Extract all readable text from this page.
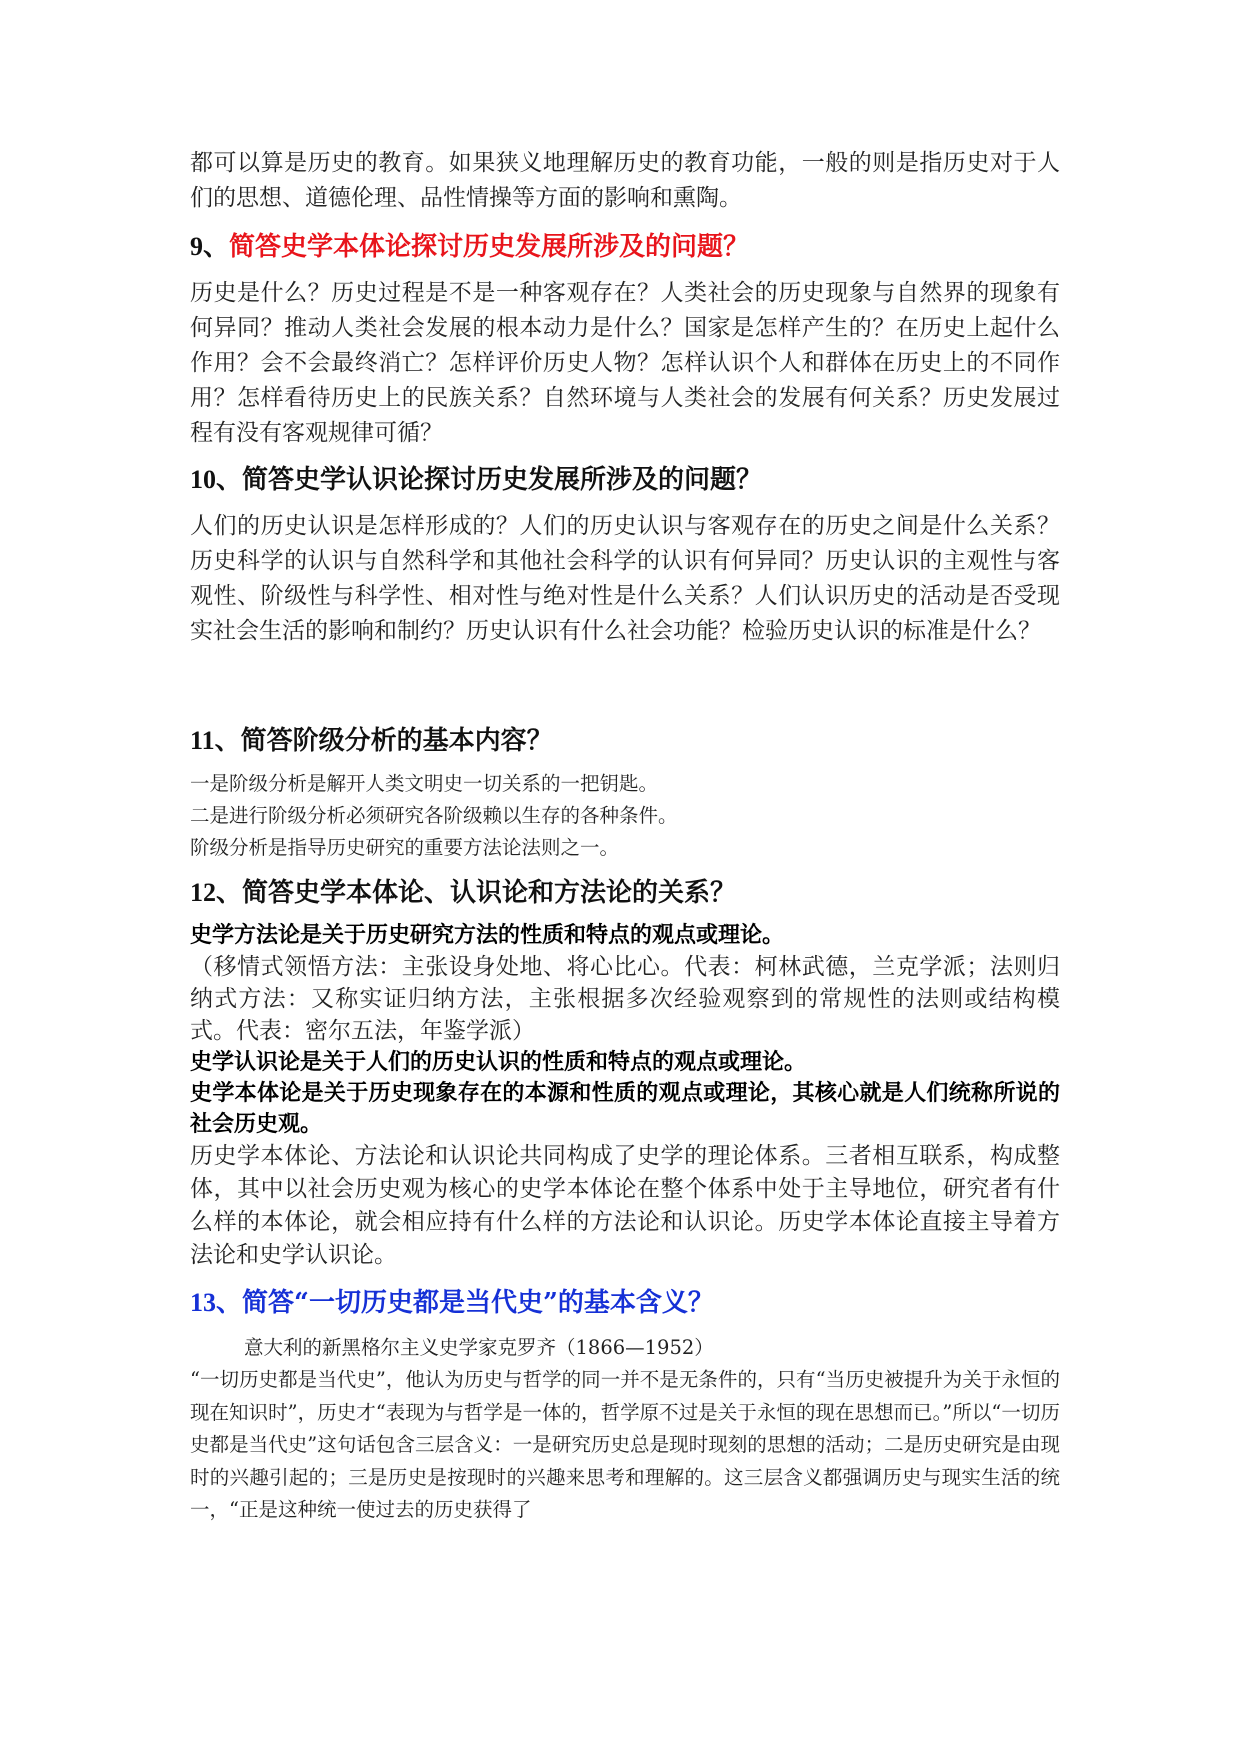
都可以算是历史的教育。如果狭义地理解历史的教育功能，一般的则是指历史对于人们的思想、道德伦理、品性情操等方面的影响和熏陶。

9、简答史学本体论探讨历史发展所涉及的问题？

历史是什么？历史过程是不是一种客观存在？人类社会的历史现象与自然界的现象有何异同？推动人类社会发展的根本动力是什么？国家是怎样产生的？在历史上起什么作用？会不会最终消亡？怎样评价历史人物？怎样认识个人和群体在历史上的不同作用？怎样看待历史上的民族关系？自然环境与人类社会的发展有何关系？历史发展过程有没有客观规律可循？

10、简答史学认识论探讨历史发展所涉及的问题？

人们的历史认识是怎样形成的？人们的历史认识与客观存在的历史之间是什么关系？历史科学的认识与自然科学和其他社会科学的认识有何异同？历史认识的主观性与客观性、阶级性与科学性、相对性与绝对性是什么关系？人们认识历史的活动是否受现实社会生活的影响和制约？历史认识有什么社会功能？检验历史认识的标准是什么？

11、简答阶级分析的基本内容？

一是阶级分析是解开人类文明史一切关系的一把钥匙。

二是进行阶级分析必须研究各阶级赖以生存的各种条件。

阶级分析是指导历史研究的重要方法论法则之一。

12、简答史学本体论、认识论和方法论的关系？

史学方法论是关于历史研究方法的性质和特点的观点或理论。

（移情式领悟方法：主张设身处地、将心比心。代表：柯林武德，兰克学派；法则归纳式方法：又称实证归纳方法，主张根据多次经验观察到的常规性的法则或结构模式。代表：密尔五法，年鉴学派）

史学认识论是关于人们的历史认识的性质和特点的观点或理论。

史学本体论是关于历史现象存在的本源和性质的观点或理论，其核心就是人们统称所说的社会历史观。

历史学本体论、方法论和认识论共同构成了史学的理论体系。三者相互联系，构成整体，其中以社会历史观为核心的史学本体论在整个体系中处于主导地位，研究者有什么样的本体论，就会相应持有什么样的方法论和认识论。历史学本体论直接主导着方法论和史学认识论。

13、简答“一切历史都是当代史”的基本含义？

意大利的新黑格尔主义史学家克罗齐（1866—1952）

“一切历史都是当代史”，他认为历史与哲学的同一并不是无条件的，只有“当历史被提升为关于永恒的现在知识时”，历史才“表现为与哲学是一体的，哲学原不过是关于永恒的现在思想而已。”所以“一切历史都是当代史”这句话包含三层含义：一是研究历史总是现时现刻的思想的活动；二是历史研究是由现时的兴趣引起的；三是历史是按现时的兴趣来思考和理解的。这三层含义都强调历史与现实生活的统一，“正是这种统一使过去的历史获得了
